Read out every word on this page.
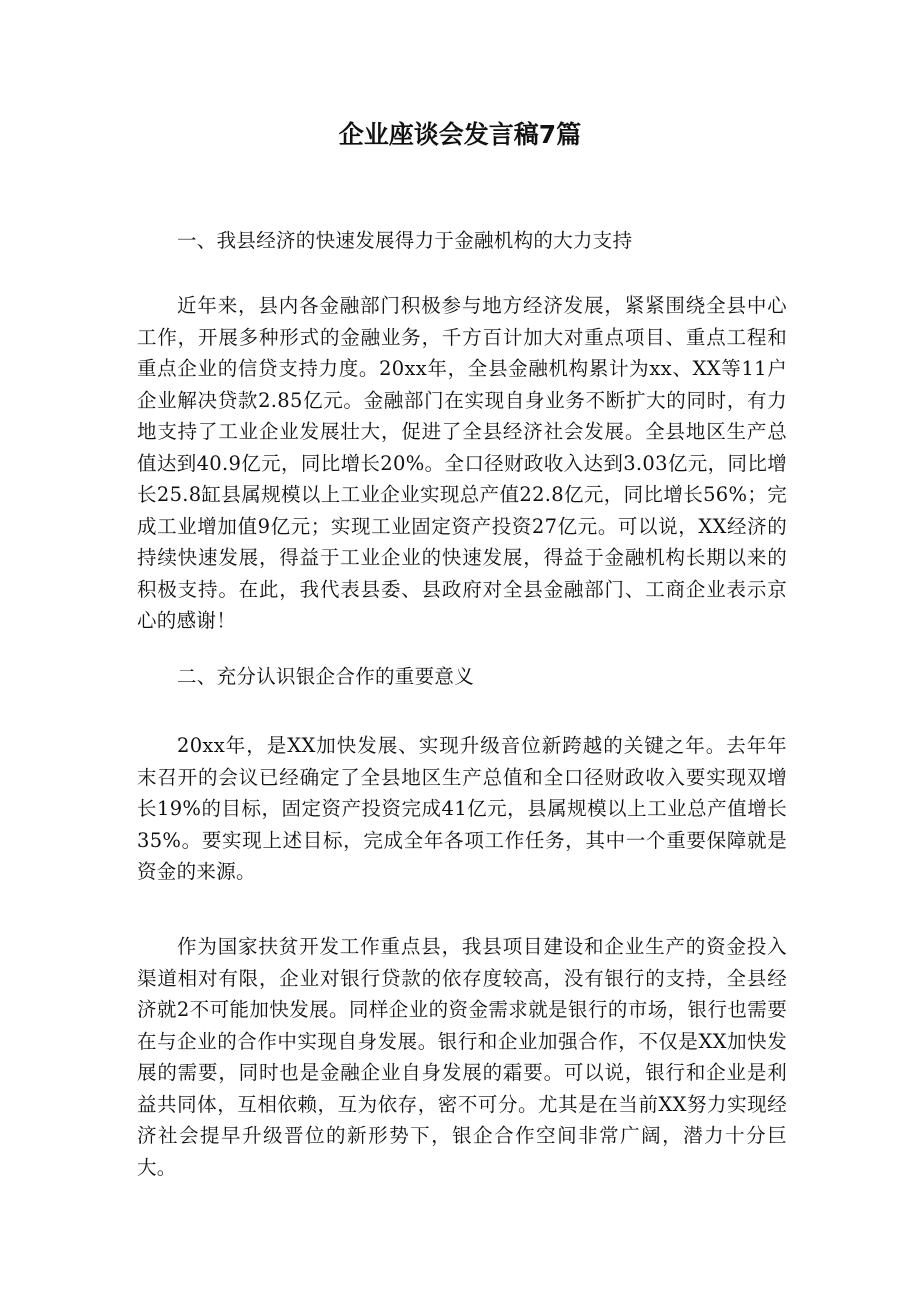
企业座谈会发言稿7篇
一、我县经济的快速发展得力于金融机构的大力支持

近年来，县内各金融部门积极参与地方经济发展，紧紧围绕全县中心工作，开展多种形式的金融业务，千方百计加大对重点项目、重点工程和重点企业的信贷支持力度。20xx年，全县金融机构累计为xx、XX等11户企业解决贷款2.85亿元。金融部门在实现自身业务不断扩大的同时，有力地支持了工业企业发展壮大，促进了全县经济社会发展。全县地区生产总值达到40.9亿元，同比增长20%。全口径财政收入达到3.03亿元，同比增长25.8缸县属规模以上工业企业实现总产值22.8亿元，同比增长56%；完成工业增加值9亿元；实现工业固定资产投资27亿元。可以说，XX经济的持续快速发展，得益于工业企业的快速发展，得益于金融机构长期以来的积极支持。在此，我代表县委、县政府对全县金融部门、工商企业表示京心的感谢！

二、充分认识银企合作的重要意义

20xx年，是XX加快发展、实现升级音位新跨越的关键之年。去年年末召开的会议已经确定了全县地区生产总值和全口径财政收入要实现双增长19%的目标，固定资产投资完成41亿元，县属规模以上工业总产值增长35%。要实现上述目标，完成全年各项工作任务，其中一个重要保障就是资金的来源。

作为国家扶贫开发工作重点县，我县项目建设和企业生产的资金投入渠道相对有限，企业对银行贷款的依存度较高，没有银行的支持，全县经济就2不可能加快发展。同样企业的资金需求就是银行的市场，银行也需要在与企业的合作中实现自身发展。银行和企业加强合作，不仅是XX加快发展的需要，同时也是金融企业自身发展的霜要。可以说，银行和企业是利益共同体，互相依赖，互为依存，密不可分。尤其是在当前XX努力实现经济社会提早升级晋位的新形势下，银企合作空间非常广阔，潜力十分巨大。
